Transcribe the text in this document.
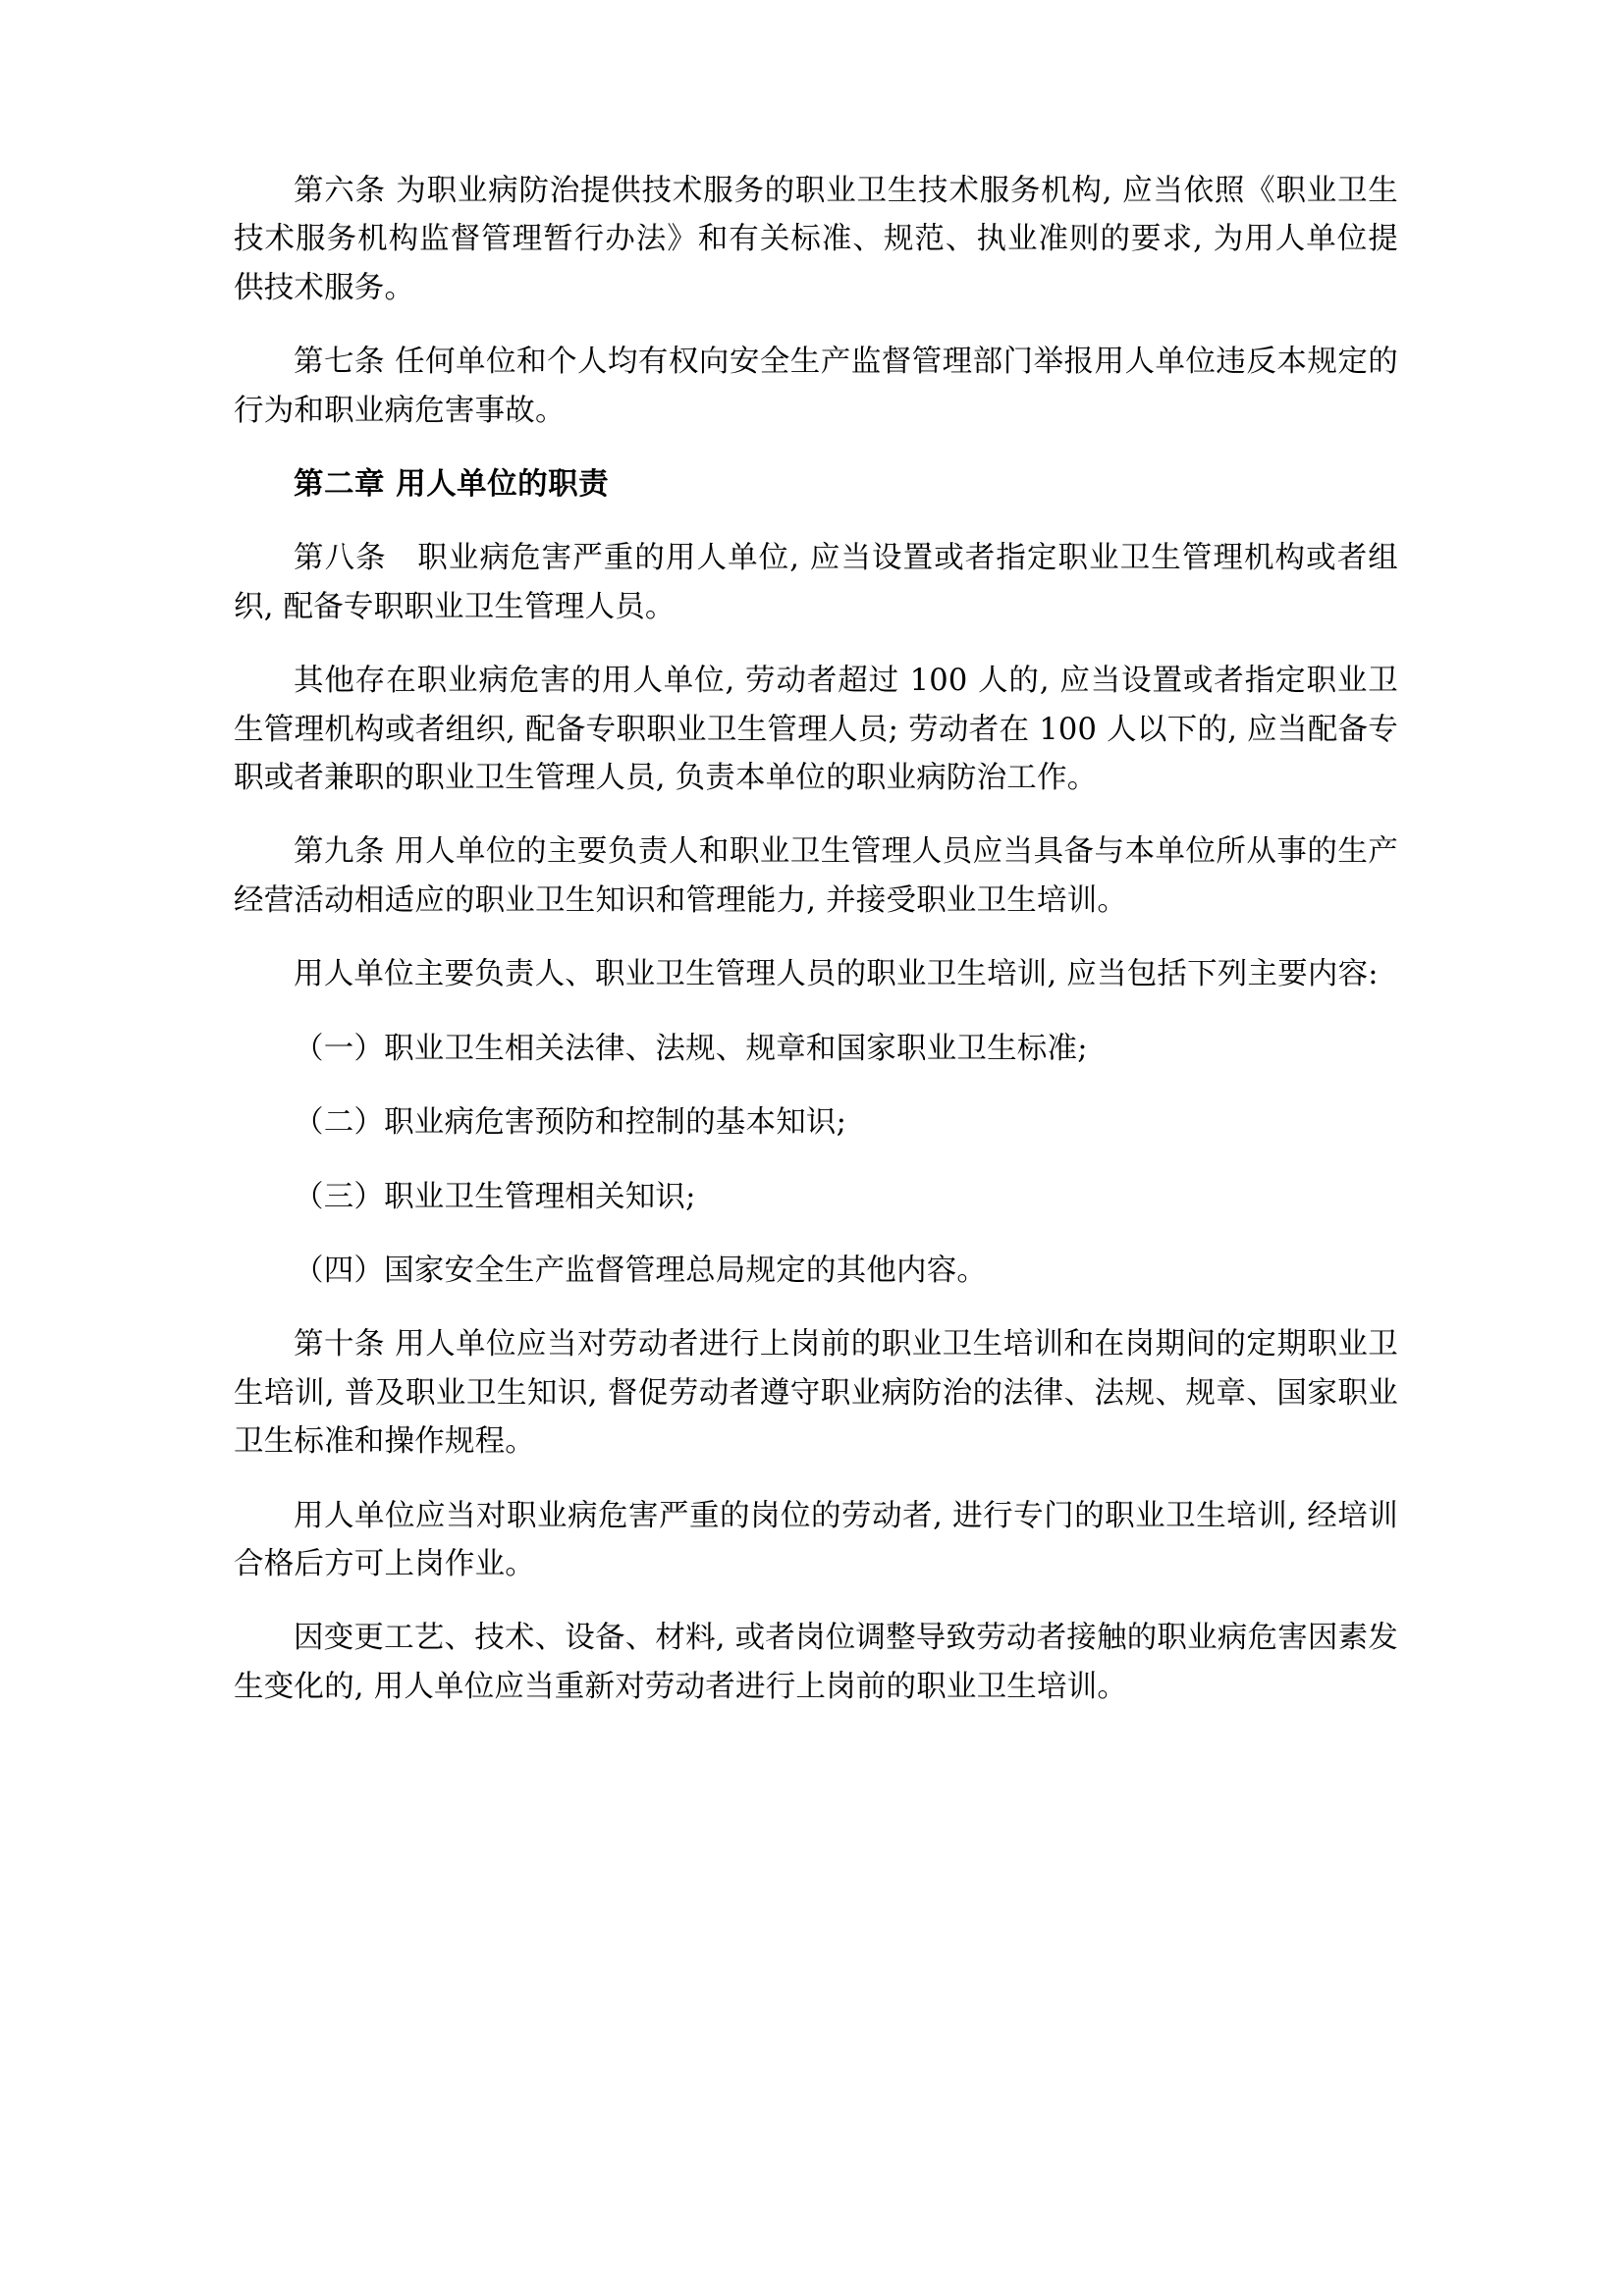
第六条 为职业病防治提供技术服务的职业卫生技术服务机构, 应当依照《职业卫生技术服务机构监督管理暂行办法》和有关标准、规范、执业准则的要求, 为用人单位提供技术服务。

第七条 任何单位和个人均有权向安全生产监督管理部门举报用人单位违反本规定的行为和职业病危害事故。

第二章 用人单位的职责

第八条　职业病危害严重的用人单位, 应当设置或者指定职业卫生管理机构或者组织, 配备专职职业卫生管理人员。

其他存在职业病危害的用人单位, 劳动者超过 100 人的, 应当设置或者指定职业卫生管理机构或者组织, 配备专职职业卫生管理人员; 劳动者在 100 人以下的, 应当配备专职或者兼职的职业卫生管理人员, 负责本单位的职业病防治工作。

第九条 用人单位的主要负责人和职业卫生管理人员应当具备与本单位所从事的生产经营活动相适应的职业卫生知识和管理能力, 并接受职业卫生培训。

用人单位主要负责人、职业卫生管理人员的职业卫生培训, 应当包括下列主要内容:

（一）职业卫生相关法律、法规、规章和国家职业卫生标准;

（二）职业病危害预防和控制的基本知识;

（三）职业卫生管理相关知识;

（四）国家安全生产监督管理总局规定的其他内容。

第十条 用人单位应当对劳动者进行上岗前的职业卫生培训和在岗期间的定期职业卫生培训, 普及职业卫生知识, 督促劳动者遵守职业病防治的法律、法规、规章、国家职业卫生标准和操作规程。

用人单位应当对职业病危害严重的岗位的劳动者, 进行专门的职业卫生培训, 经培训合格后方可上岗作业。

因变更工艺、技术、设备、材料, 或者岗位调整导致劳动者接触的职业病危害因素发生变化的, 用人单位应当重新对劳动者进行上岗前的职业卫生培训。
